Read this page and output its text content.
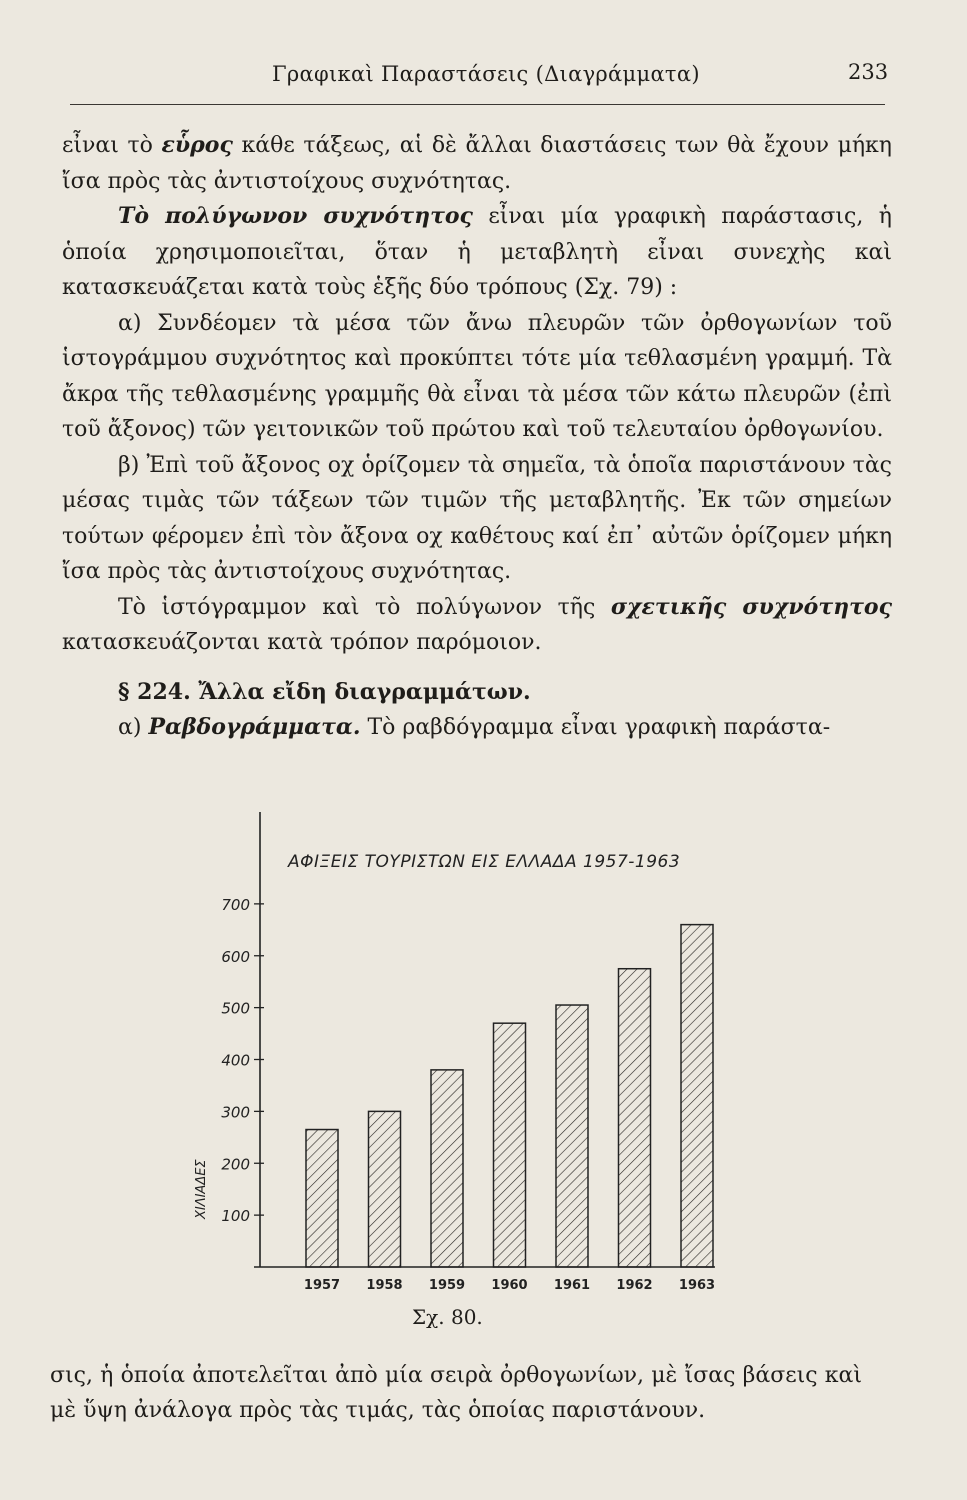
Γραφικαὶ Παραστάσεις (Διαγράμματα)	233

εἶναι τὸ εὗρος κάθε τάξεως, αἱ δὲ ἄλλαι διαστάσεις των θὰ ἔχουν μήκη ἴσα πρὸς τὰς ἀντιστοίχους συχνότητας.

Τὸ πολύγωνον συχνότητος εἶναι μία γραφικὴ παράστασις, ἡ ὁποία χρησιμοποιεῖται, ὅταν ἡ μεταβλητὴ εἶναι συνεχὴς καὶ κατασκευάζεται κατὰ τοὺς ἑξῆς δύο τρόπους (Σχ. 79) :

α) Συνδέομεν τὰ μέσα τῶν ἄνω πλευρῶν τῶν ὀρθογωνίων τοῦ ἱστογράμμου συχνότητος καὶ προκύπτει τότε μία τεθλασμένη γραμμή. Τὰ ἄκρα τῆς τεθλασμένης γραμμῆς θὰ εἶναι τὰ μέσα τῶν κάτω πλευρῶν (ἐπὶ τοῦ ἄξονος) τῶν γειτονικῶν τοῦ πρώτου καὶ τοῦ τελευταίου ὀρθογωνίου.

β) Ἐπὶ τοῦ ἄξονος οχ ὁρίζομεν τὰ σημεῖα, τὰ ὁποῖα παριστάνουν τὰς μέσας τιμὰς τῶν τάξεων τῶν τιμῶν τῆς μεταβλητῆς. Ἐκ τῶν σημείων τούτων φέρομεν ἐπὶ τὸν ἄξονα οχ καθέτους καί ἐπ᾿ αὐτῶν ὁρίζομεν μήκη ἴσα πρὸς τὰς ἀντιστοίχους συχνότητας.

Τὸ ἱστόγραμμον καὶ τὸ πολύγωνον τῆς σχετικῆς συχνότητος κατασκευάζονται κατὰ τρόπον παρόμοιον.

§ 224. Ἄλλα εἴδη διαγραμμάτων.

α) Ραβδογράμματα. Τὸ ραβδόγραμμα εἶναι γραφικὴ παράστα-

100
200
300
400
500
600
700
1957 1958 1959 1960 1961 1962 1963
ΑΦΙΞΕΙΣ ΤΟΥΡΙΣΤΩΝ ΕΙΣ ΕΛΛΑΔΑ 1957-1963
ΧΙΛΙΑΔΕΣ
Σχ. 80.
σις, ἡ ὁποία ἀποτελεῖται ἀπὸ μία σειρὰ ὀρθογωνίων, μὲ ἴσας βάσεις καὶ μὲ ὕψη ἀνάλογα πρὸς τὰς τιμάς, τὰς ὁποίας παριστάνουν.
